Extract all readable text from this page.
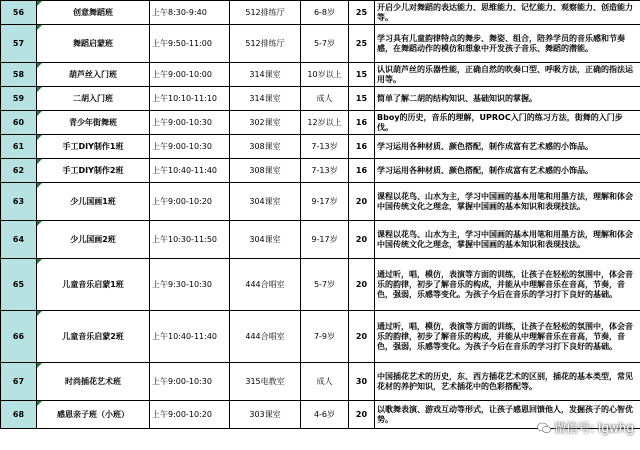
56	创意舞蹈班	上午8:30-9:40	512排练厅	6-8岁	25	开启少儿对舞蹈的表达能力、思维能力、记忆能力、观察能力、创造能力等。

57	舞蹈启蒙班	上午9:50-11:00	512排练厅	5-7岁	25	学习具有儿童韵律特点的舞步、舞姿、组合，陪养学员的音乐感和节奏感，在舞蹈动作的模仿和想象中开发孩子音乐、舞蹈的潜能。

58	葫芦丝入门班	上午9:00-10:00	314课室	10岁以上	15	认识葫芦丝的乐器性能，正确自然的吹奏口型、呼吸方法，正确的指法运用等。

59	二胡入门班	上午10:10-11:10	314课室	成人	15	简单了解二胡的结构知识、基础知识的掌握。

60	青少年街舞班	上午9:00-10:30	302课室	12岁以上	16	Bboy的历史，音乐的理解，UPROC入门的练习方法，街舞的入门步伐。

61	手工DIY制作1班	上午9:00-10:30	308课室	7-13岁	16	学习运用各种材质、颜色搭配，制作成富有艺术感的小饰品。

62	手工DIY制作2班	上午10:40-11:40	308课室	7-13岁	16	学习运用各种材质、颜色搭配，制作成富有艺术感的小饰品。

63	少儿国画1班	上午9:00-10:20	304课室	9-17岁	20	课程以花鸟、山水为主，学习中国画的基本用笔和用墨方法，理解和体会中国传统文化之理念，掌握中国画的基本知识和表现技法。

64	少儿国画2班	上午10:30-11:50	304课室	9-17岁	20	课程以花鸟、山水为主，学习中国画的基本用笔和用墨方法，理解和体会中国传统文化之理念，掌握中国画的基本知识和表现技法。

65	儿童音乐启蒙1班	上午9:30-10:30	444合唱室	5-7岁	20	通过听，唱，模仿，表演等方面的训练，让孩子在轻松的氛围中，体会音乐的韵律，初步了解音乐的构成，并能从中理解音乐在音高，节奏，音色，强弱，乐感等变化。为孩子今后在音乐的学习打下良好的基础。

66	儿童音乐启蒙2班	上午10:40-11:40	444合唱室	7-9岁	20	通过听，唱，模仿，表演等方面的训练，让孩子在轻松的氛围中，体会音乐的韵律，初步了解音乐的构成，并能从中理解音乐在音高，节奏，音色，强弱，乐感等变化。为孩子今后在音乐的学习打下良好的基础。

67	时尚插花艺术班	上午9:00-10:30	315电教室	成人	30	中国插花艺术的历史，东、西方插花艺术的区别，插花的基本类型，常见花材的养护知识，艺术插花中的色彩搭配等。

68	感恩亲子班（小班）	上午9:00-10:20	303课室	4-6岁	20	以歌舞表演、游戏互动等形式，让孩子感恩回馈他人，发掘孩子的心智优势。
微信号: lgwhg
